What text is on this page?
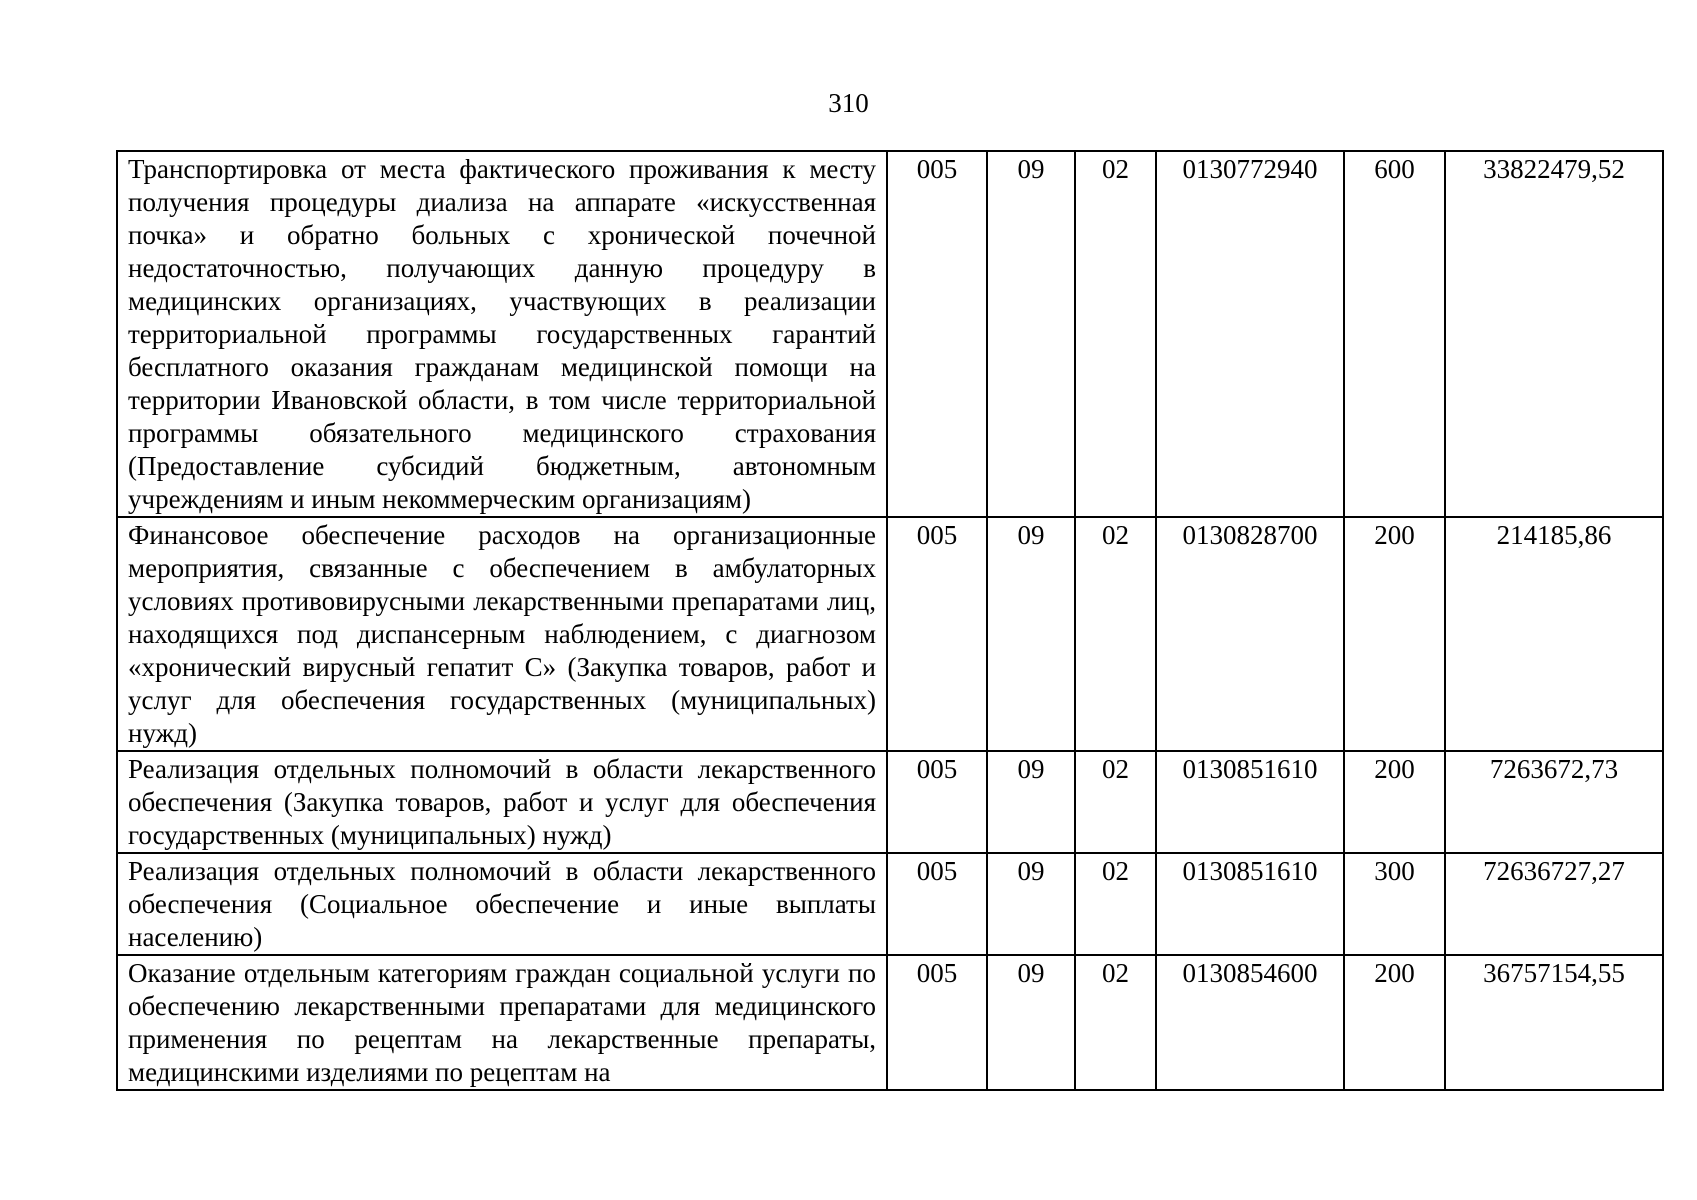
310
Транспортировка от места фактического проживания к месту получения процедуры диализа на аппарате «искусственная почка» и обратно больных с хронической почечной недостаточностью, получающих данную процедуру в медицинских организациях, участвующих в реализации территориальной программы государственных гарантий бесплатного оказания гражданам медицинской помощи на территории Ивановской области, в том числе территориальной программы обязательного медицинского страхования (Предоставление субсидий бюджетным, автономным учреждениям и иным некоммерческим организациям)	005	09	02	0130772940	600	33822479,52
Финансовое обеспечение расходов на организационные мероприятия, связанные с обеспечением в амбулаторных условиях противовирусными лекарственными препаратами лиц, находящихся под диспансерным наблюдением, с диагнозом «хронический вирусный гепатит С» (Закупка товаров, работ и услуг для обеспечения государственных (муниципальных) нужд)	005	09	02	0130828700	200	214185,86
Реализация отдельных полномочий в области лекарственного обеспечения (Закупка товаров, работ и услуг для обеспечения государственных (муниципальных) нужд)	005	09	02	0130851610	200	7263672,73
Реализация отдельных полномочий в области лекарственного обеспечения (Социальное обеспечение и иные выплаты населению)	005	09	02	0130851610	300	72636727,27
Оказание отдельным категориям граждан социальной услуги по обеспечению лекарственными препаратами для медицинского применения по рецептам на лекарственные препараты, медицинскими изделиями по рецептам на	005	09	02	0130854600	200	36757154,55
